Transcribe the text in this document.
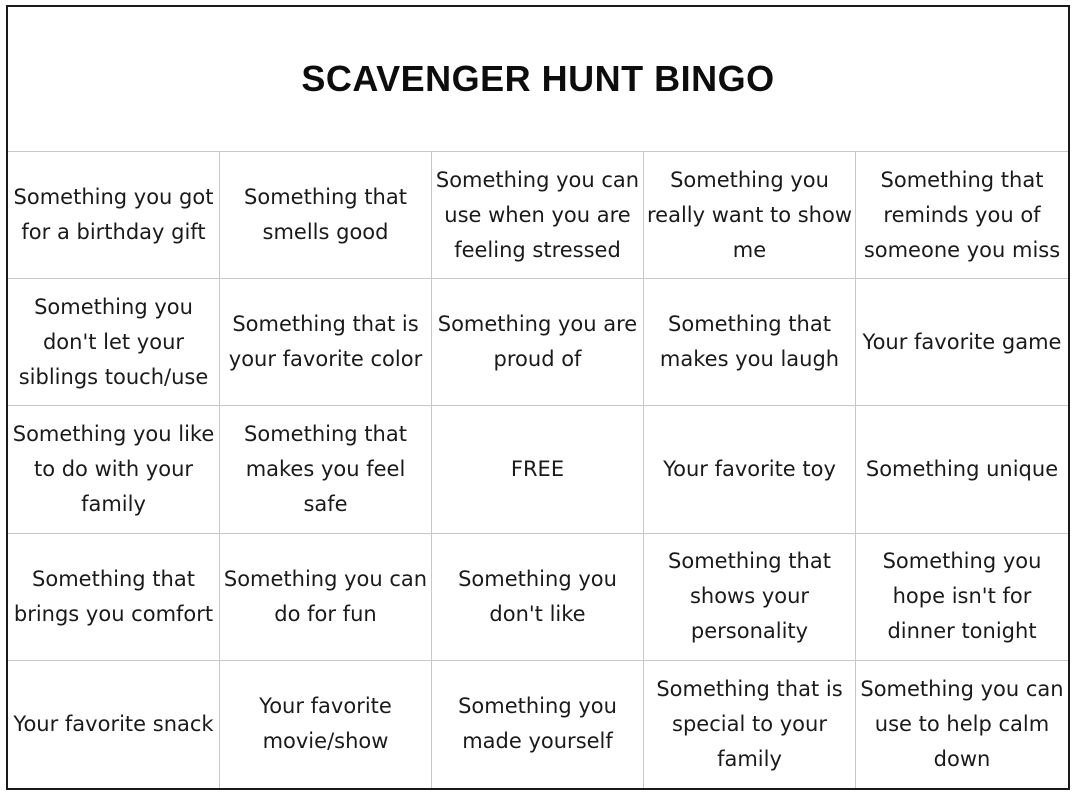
SCAVENGER HUNT BINGO
Something you got for a birthday gift
Something that smells good
Something you can use when you are feeling stressed
Something you really want to show me
Something that reminds you of someone you miss
Something you don't let your siblings touch/use
Something that is your favorite color
Something you are proud of
Something that makes you laugh
Your favorite game
Something you like to do with your family
Something that makes you feel safe
FREE	Your favorite toy	Something unique
Something that brings you comfort
Something you can do for fun
Something you don't like
Something that shows your personality
Something you hope isn't for dinner tonight
Your favorite snack
Your favorite movie/show
Something you made yourself
Something that is special to your family
Something you can use to help calm down
